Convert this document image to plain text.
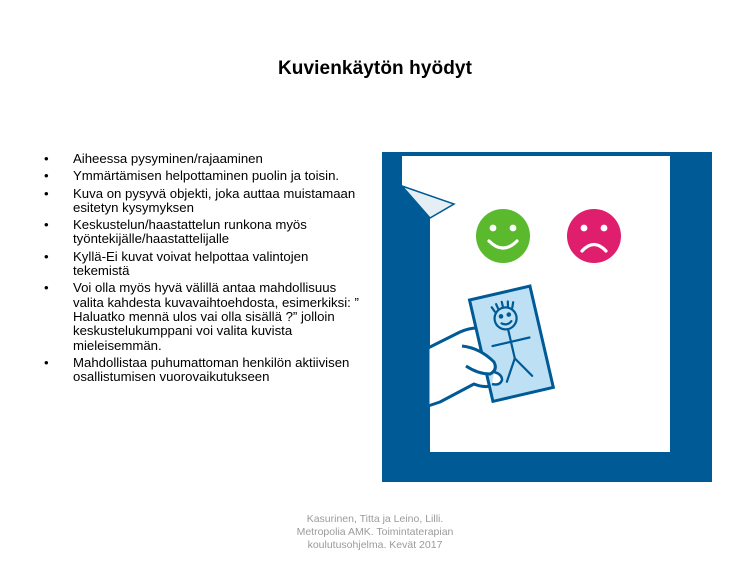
Kuvienkäytön hyödyt
• Aiheessa pysyminen/rajaaminen
• Ymmärtämisen helpottaminen puolin ja toisin.
• Kuva on pysyvä objekti, joka auttaa muistamaan esitetyn kysymyksen
• Keskustelun/haastattelun runkona myös työntekijälle/haastattelijalle
• Kyllä-Ei kuvat voivat helpottaa valintojen tekemistä
• Voi olla myös hyvä välillä antaa mahdollisuus valita kahdesta kuvavaihtoehdosta, esimerkiksi: ” Haluatko mennä ulos vai olla sisällä ?” jolloin keskustelukumppani voi valita kuvista mieleisemmän.
• Mahdollistaa puhumattoman henkilön aktiivisen osallistumisen vuorovaikutukseen
keskustelumatto
Kasurinen, Titta ja Leino, Lilli.
Metropolia AMK. Toimintaterapian
koulutusohjelma. Kevät 2017
